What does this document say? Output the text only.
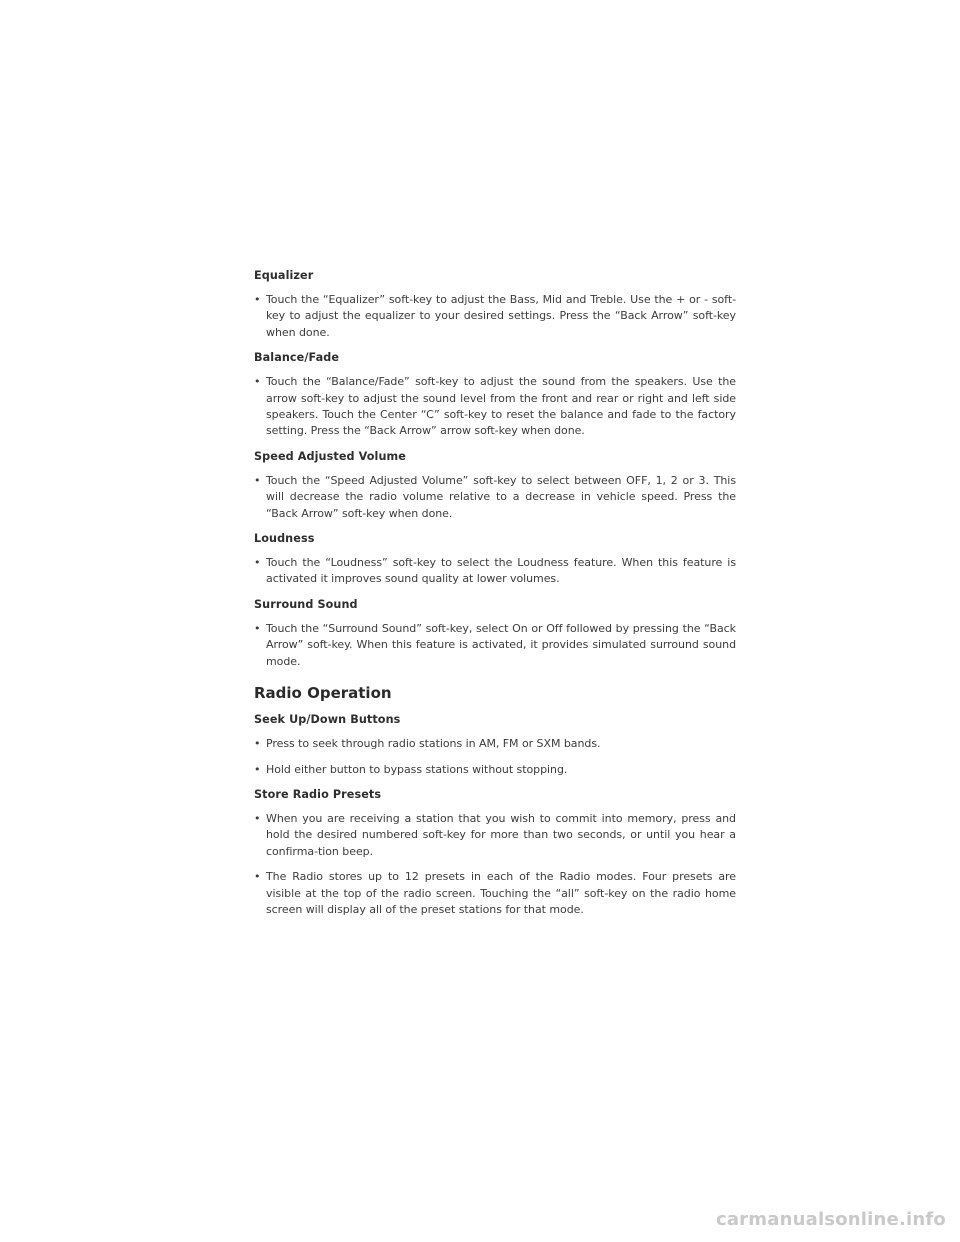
Equalizer
• Touch the “Equalizer” soft-key to adjust the Bass, Mid and Treble. Use the + or - soft-key to adjust the equalizer to your desired settings. Press the “Back Arrow” soft-key when done.
Balance/Fade
• Touch the “Balance/Fade” soft-key to adjust the sound from the speakers. Use the arrow soft-key to adjust the sound level from the front and rear or right and left side speakers. Touch the Center “C” soft-key to reset the balance and fade to the factory setting. Press the “Back Arrow” arrow soft-key when done.
Speed Adjusted Volume
• Touch the “Speed Adjusted Volume” soft-key to select between OFF, 1, 2 or 3. This will decrease the radio volume relative to a decrease in vehicle speed. Press the “Back Arrow” soft-key when done.
Loudness
• Touch the “Loudness” soft-key to select the Loudness feature. When this feature is activated it improves sound quality at lower volumes.
Surround Sound
• Touch the “Surround Sound” soft-key, select On or Off followed by pressing the “Back Arrow” soft-key. When this feature is activated, it provides simulated surround sound mode.
Radio Operation
Seek Up/Down Buttons
• Press to seek through radio stations in AM, FM or SXM bands.
• Hold either button to bypass stations without stopping.
Store Radio Presets
• When you are receiving a station that you wish to commit into memory, press and hold the desired numbered soft-key for more than two seconds, or until you hear a confirma-tion beep.
• The Radio stores up to 12 presets in each of the Radio modes. Four presets are visible at the top of the radio screen. Touching the “all” soft-key on the radio home screen will display all of the preset stations for that mode.
carmanualsonline.info
